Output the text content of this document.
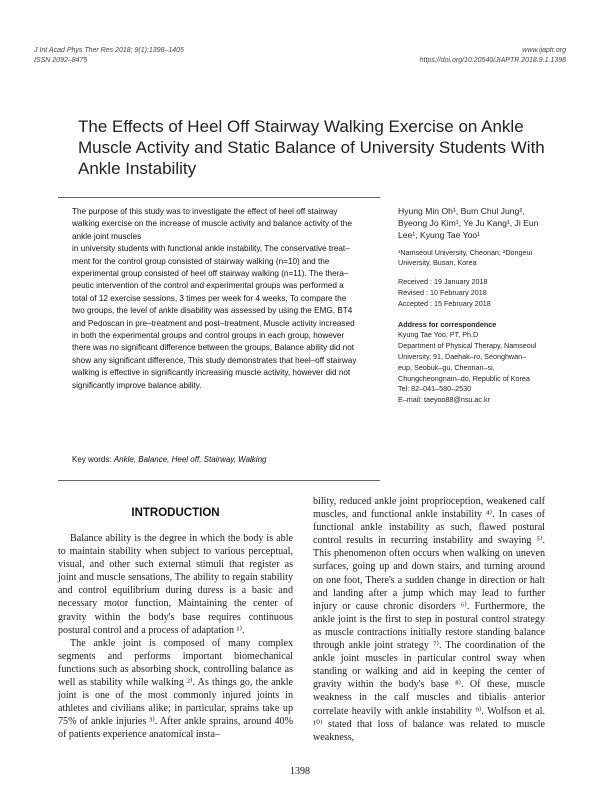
J Int Acad Phys Ther Res 2018; 9(1):1398–1405
ISSN 2092–8475
www.ijaptr.org
https://doi.org/10.20540/JIAPTR.2018.9.1.1398
The Effects of Heel Off Stairway Walking Exercise on Ankle Muscle Activity and Static Balance of University Students With Ankle Instability
The purpose of this study was to investigate the effect of heel off stairway
walking exercise on the increase of muscle activity and balance activity of the
ankle joint muscles
in university students with functional ankle instability, The conservative treat–
ment for the control group consisted of stairway walking (n=10) and the
experimental group consisted of heel off stairway walking (n=11). The thera–
peutic intervention of the control and experimental groups was performed a
total of 12 exercise sessions, 3 times per week for 4 weeks, To compare the
two groups, the level of ankle disability was assessed by using the EMG, BT4
and Pedoscan in pre–treatment and post–treatment, Muscle activity increased
in both the experimental groups and control groups in each group, however
there was no significant difference between the groups, Balance ability did not
show any significant difference, This study demonstrates that heel–off stairway
walking is effective in significantly increasing muscle activity, however did not
significantly improve balance ability.
Key words: Ankle, Balance, Heel off, Stairway, Walking
Hyung Min Oh¹, Bum Chul Jung²,
Byeong Jo Kim¹, Ye Ju Kang¹, Ji Eun
Lee¹, Kyung Tae Yoo¹
¹Namseoul University, Cheonan; ²Dongeui
University, Busan, Korea
Received : 19 January 2018
Revised : 10 February 2018
Accepted : 15 February 2018
Address for correspondence
Kyung Tae Yoo, PT, Ph.D
Department of Physical Therapy, Namseoul
University, 91, Daehak–ro, Seonghwan–
eup, Seobuk–gu, Cheonan–si,
Chungcheongnam–do, Republic of Korea
Tel: 82–041–580–2530
E–mail: taeyoo88@nsu.ac.kr
INTRODUCTION

Balance ability is the degree in which the body is able to maintain stability when subject to various perceptual, visual, and other such external stimuli that register as joint and muscle sensations, The ability to regain stability and control equilibrium during duress is a basic and necessary motor function, Maintaining the center of gravity within the body's base requires continuous postural control and a process of adaptation ¹⁾.

The ankle joint is composed of many complex segments and performs important biomechanical functions such as absorbing shock, controlling balance as well as stability while walking ²⁾. As things go, the ankle joint is one of the most commonly injured joints in athletes and civilians alike; in particular, sprains take up 75% of ankle injuries ³⁾. After ankle sprains, around 40% of patients experience anatomical insta–

bility, reduced ankle joint proprioception, weakened calf muscles, and functional ankle instability ⁴⁾. In cases of functional ankle instability as such, flawed postural control results in recurring instability and swaying ⁵⁾. This phenomenon often occurs when walking on uneven surfaces, going up and down stairs, and turning around on one foot, There's a sudden change in direction or halt and landing after a jump which may lead to further injury or cause chronic disorders ⁶⁾. Furthermore, the ankle joint is the first to step in postural control strategy as muscle contractions initially restore standing balance through ankle joint strategy ⁷⁾. The coordination of the ankle joint muscles in particular control sway when standing or walking and aid in keeping the center of gravity within the body's base ⁸⁾. Of these, muscle weakness in the calf muscles and tibialis anterior correlate heavily with ankle instability ⁹⁾. Wolfson et al. ¹⁰⁾ stated that loss of balance was related to muscle weakness,

1398
